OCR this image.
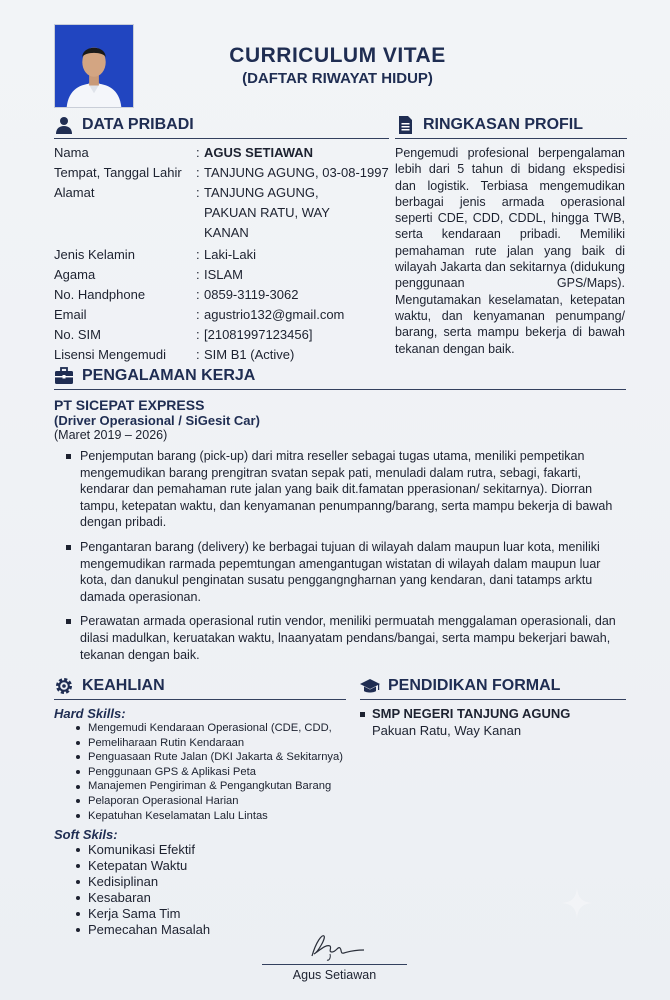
CURRICULUM VITAE
(DAFTAR RIWAYAT HIDUP)
DATA PRIBADI	RINGKASAN PROFIL
Nama	: AGUS SETIAWAN
Tempat, Tanggal Lahir	: TANJUNG AGUNG, 03-08-1997
Alamat	: TANJUNG AGUNG, PAKUAN RATU, WAY KANAN
Jenis Kelamin	: Laki-Laki
Agama	: ISLAM
No. Handphone	: 0859-3119-3062
Email	: agustrio132@gmail.com
No. SIM	: [21081997123456]
Lisensi Mengemudi	: SIM B1 (Active)
Pengemudi profesional berpengalaman lebih dari 5 tahun di bidang ekspedisi dan logistik. Terbiasa mengemudikan berbagai jenis armada operasional seperti CDE, CDD, CDDL, hingga TWB, serta kendaraan pribadi. Memiliki pemahaman rute jalan yang baik di wilayah Jakarta dan sekitarnya (didukung penggunaan GPS/Maps). Mengutamakan keselamatan, ketepatan waktu, dan kenyamanan penumpang/ barang, serta mampu bekerja di bawah tekanan dengan baik.
PENGALAMAN KERJA
PT SICEPAT EXPRESS
(Driver Operasional / SiGesit Car)
(Maret 2019 – 2026)
Penjemputan barang (pick-up) dari mitra reseller sebagai tugas utama, meniliki pempetikan mengemudikan barang prengitran svatan sepak pati, menuladi dalam rutra, sebagi, fakarti, kendarar dan pemahaman rute jalan yang baik dit.famatan pperasionan/ sekitarnya). Diorran tampu, ketepatan waktu, dan kenyamanan penumpanng/barang, serta mampu bekerja di bawah dengan pribadi.
Pengantaran barang (delivery) ke berbagai tujuan di wilayah dalam maupun luar kota, meniliki mengemudikan rarmada pepemtungan amengantugan wistatan di wilayah dalam maupun luar kota, dan danukul penginatan susatu penggangngharnan yang kendaran, dani tatamps arktu damada operasionan.
Perawatan armada operasional rutin vendor, meniliki permuatah menggalaman operasionali, dan dilasi madulkan, keruatakan waktu, lnaanyatam pendans/bangai, serta mampu bekerjari bawah, tekanan dengan baik.
KEAHLIAN	PENDIDIKAN FORMAL
Hard Skills:
Mengemudi Kendaraan Operasional (CDE, CDD,
Pemeliharaan Rutin Kendaraan
Penguasaan Rute Jalan (DKI Jakarta & Sekitarnya)
Penggunaan GPS & Aplikasi Peta
Manajemen Pengiriman & Pengangkutan Barang
Pelaporan Operasional Harian
Kepatuhan Keselamatan Lalu Lintas
Soft Skils:
Komunikasi Efektif
Ketepatan Waktu
Kedisiplinan
Kesabaran
Kerja Sama Tim
Pemecahan Masalah
SMP NEGERI TANJUNG AGUNG
Pakuan Ratu, Way Kanan
Agus Setiawan
